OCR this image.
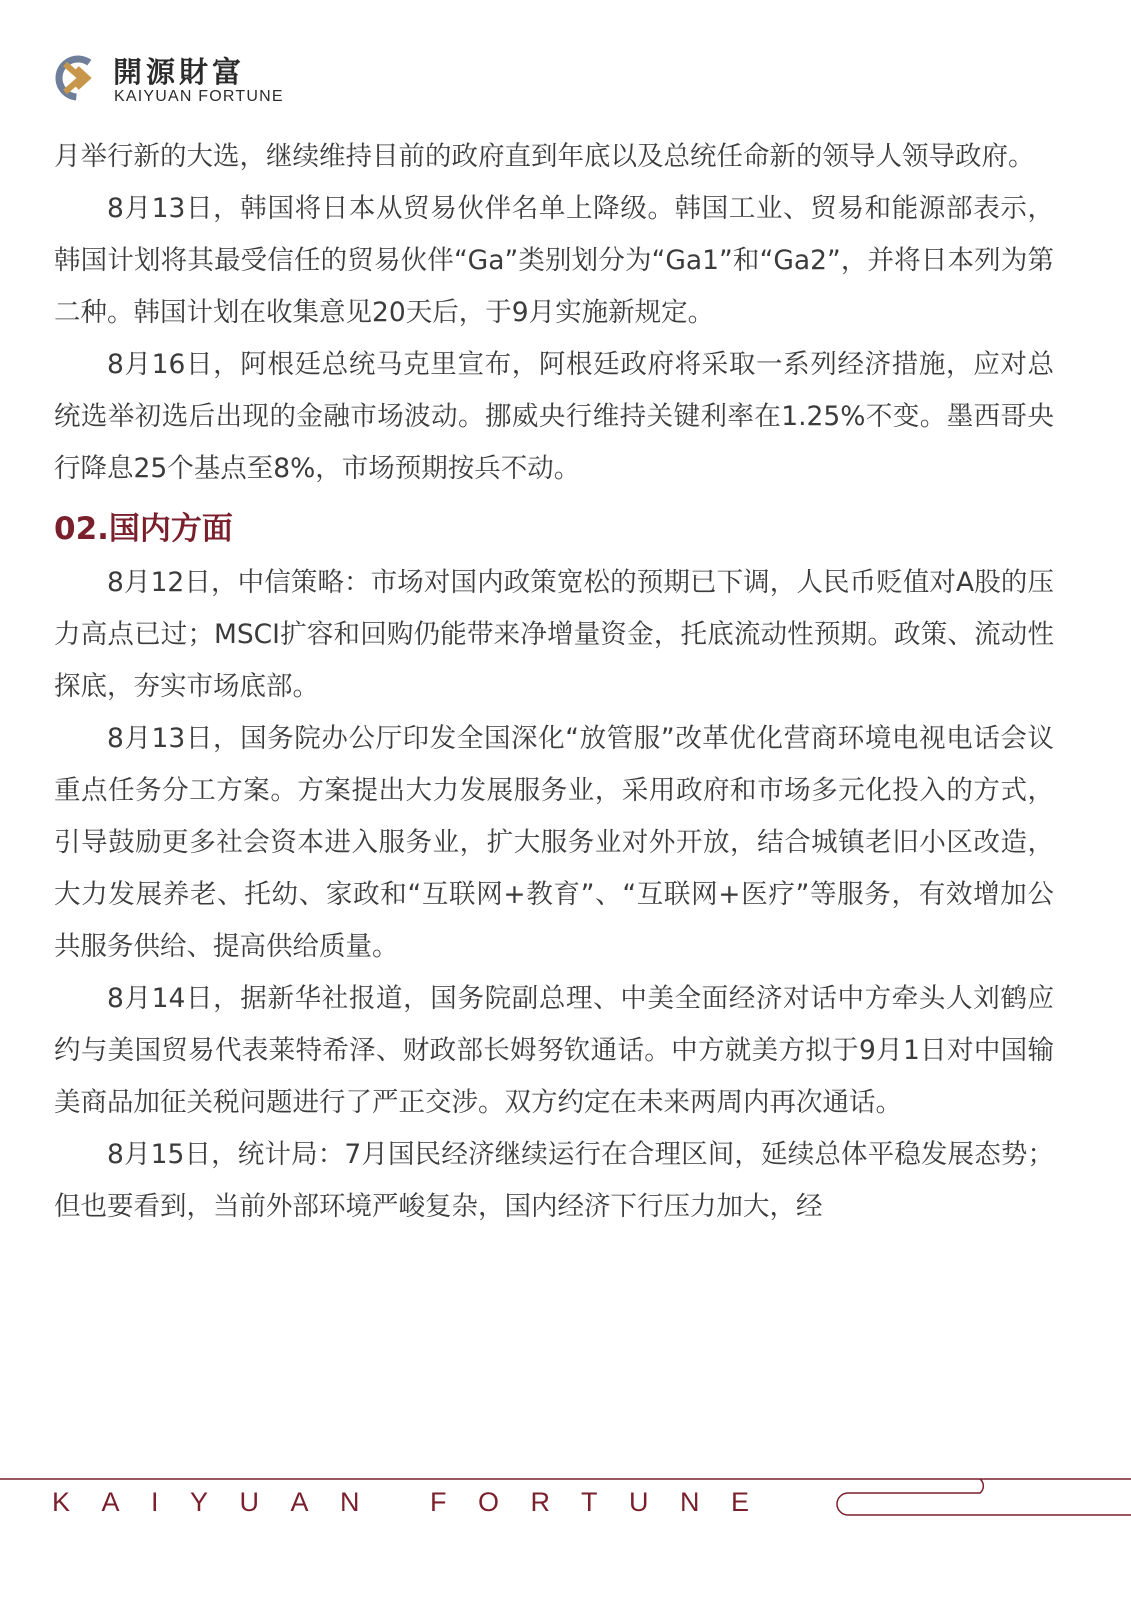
開源財富
KAIYUAN FORTUNE

月举行新的大选，继续维持目前的政府直到年底以及总统任命新的领导人领导政府。

8月13日，韩国将日本从贸易伙伴名单上降级。韩国工业、贸易和能源部表示，韩国计划将其最受信任的贸易伙伴“Ga”类别划分为“Ga1”和“Ga2”，并将日本列为第二种。韩国计划在收集意见20天后，于9月实施新规定。

8月16日，阿根廷总统马克里宣布，阿根廷政府将采取一系列经济措施，应对总统选举初选后出现的金融市场波动。挪威央行维持关键利率在1.25%不变。墨西哥央行降息25个基点至8%，市场预期按兵不动。

02.国内方面

8月12日，中信策略：市场对国内政策宽松的预期已下调，人民币贬值对A股的压力高点已过；MSCI扩容和回购仍能带来净增量资金，托底流动性预期。政策、流动性探底，夯实市场底部。

8月13日，国务院办公厅印发全国深化“放管服”改革优化营商环境电视电话会议重点任务分工方案。方案提出大力发展服务业，采用政府和市场多元化投入的方式，引导鼓励更多社会资本进入服务业，扩大服务业对外开放，结合城镇老旧小区改造，大力发展养老、托幼、家政和“互联网+教育”、“互联网+医疗”等服务，有效增加公共服务供给、提高供给质量。

8月14日，据新华社报道，国务院副总理、中美全面经济对话中方牵头人刘鹤应约与美国贸易代表莱特希泽、财政部长姆努钦通话。中方就美方拟于9月1日对中国输美商品加征关税问题进行了严正交涉。双方约定在未来两周内再次通话。

8月15日，统计局：7月国民经济继续运行在合理区间，延续总体平稳发展态势；但也要看到，当前外部环境严峻复杂，国内经济下行压力加大，经

KAIYUAN FORTUNE
